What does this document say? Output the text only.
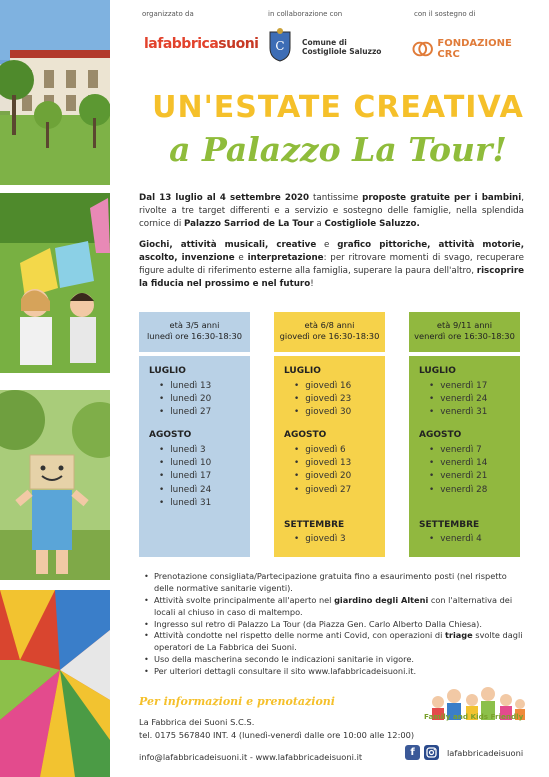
organizzato da	in collaborazione con	con il sostegno di
lafabbricasuoni C Comune di
Costigliole Saluzzo
FONDAZIONE CRC
UN'ESTATE CREATIVA
a Palazzo La Tour!

Dal 13 luglio al 4 settembre 2020 tantissime proposte gratuite per i bambini, rivolte a tre target differenti e a servizio e sostegno delle famiglie, nella splendida cornice di Palazzo Sarriod de La Tour a Costigliole Saluzzo.

Giochi, attività musicali, creative e grafico pittoriche, attività motorie, ascolto, invenzione e interpretazione: per ritrovare momenti di svago, recuperare figure adulte di riferimento esterne alla famiglia, superare la paura dell'altro, riscoprire la fiducia nel prossimo e nel futuro!

età 3/5 anni
lunedì ore 16:30-18:30
LUGLIO
• lunedì 13
• lunedì 20
• lunedì 27
AGOSTO
• lunedì 3
• lunedì 10
• lunedì 17
• lunedì 24
• lunedì 31
età 6/8 anni
giovedì ore 16:30-18:30
LUGLIO
• giovedì 16
• giovedì 23
• giovedì 30
AGOSTO
• giovedì 6
• giovedì 13
• giovedì 20
• giovedì 27
SETTEMBRE
• giovedì 3
età 9/11 anni
venerdì ore 16:30-18:30
LUGLIO
• venerdì 17
• venerdì 24
• venerdì 31
AGOSTO
• venerdì 7
• venerdì 14
• venerdì 21
• venerdì 28
SETTEMBRE
• venerdì 4
• Prenotazione consigliata/Partecipazione gratuita fino a esaurimento posti (nel rispetto delle normative sanitarie vigenti).
• Attività svolte principalmente all'aperto nel giardino degli Alteni con l'alternativa dei locali al chiuso in caso di maltempo.
• Ingresso sul retro di Palazzo La Tour (da Piazza Gen. Carlo Alberto Dalla Chiesa).
• Attività condotte nel rispetto delle norme anti Covid, con operazioni di triage svolte dagli operatori de La Fabbrica dei Suoni.
• Uso della mascherina secondo le indicazioni sanitarie in vigore.
• Per ulteriori dettagli consultare il sito www.lafabbricadeisuoni.it.
Per informazioni e prenotazioni
La Fabbrica dei Suoni S.C.S.
tel. 0175 567840 INT. 4 (lunedì-venerdì dalle ore 10:00 alle 12:00)
info@lafabbricadeisuoni.it - www.lafabbricadeisuoni.it
Family and Kids Friendly
f	lafabbricadeisuoni
